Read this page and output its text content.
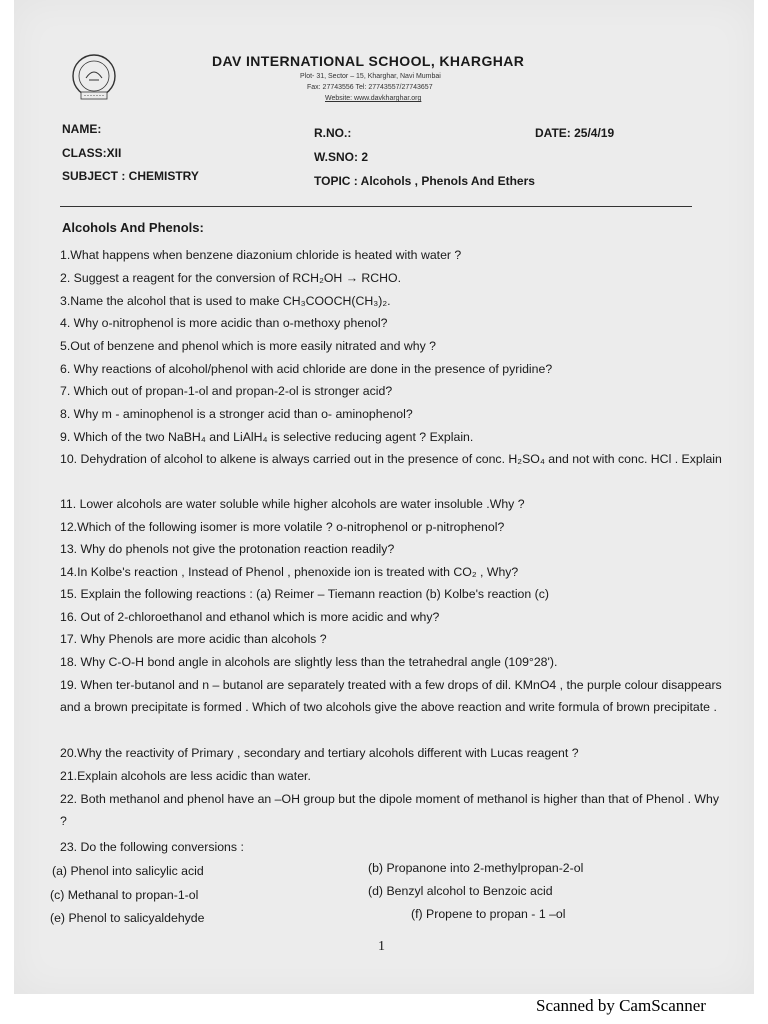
DAV INTERNATIONAL SCHOOL, KHARGHAR
Plot- 31, Sector – 15, Kharghar, Navi Mumbai
Fax: 27743556 Tel: 27743557/27743657
Website: www.davkharghar.org
NAME:	R.NO.:	DATE: 25/4/19
CLASS:XII	W.SNO: 2
SUBJECT : CHEMISTRY	TOPIC : Alcohols , Phenols And Ethers
Alcohols And Phenols:
1.What happens when benzene diazonium chloride is heated with water ?
2. Suggest a reagent for the conversion of RCH₂OH → RCHO.
3.Name the alcohol that is used to make CH₃COOCH(CH₃)₂.
4. Why o-nitrophenol is more acidic than o-methoxy phenol?
5.Out of benzene and phenol which is more easily nitrated and why ?
6. Why reactions of alcohol/phenol with acid chloride are done in the presence of pyridine?
7. Which out of propan-1-ol and propan-2-ol is stronger acid?
8. Why m - aminophenol is a stronger acid than o- aminophenol?
9. Which of the two NaBH₄ and LiAlH₄ is selective reducing agent ? Explain.
10. Dehydration of alcohol to alkene is always carried out in the presence of conc. H₂SO₄ and not with conc. HCl . Explain
11. Lower alcohols are water soluble while higher alcohols are water insoluble .Why ?
12.Which of the following isomer is more volatile ? o-nitrophenol or p-nitrophenol?
13. Why do phenols not give the protonation reaction readily?
14.In Kolbe's reaction , Instead of Phenol , phenoxide ion is treated with CO₂ , Why?
15. Explain the following reactions : (a) Reimer – Tiemann reaction (b) Kolbe's reaction (c)
16. Out of 2-chloroethanol and ethanol which is more acidic and why?
17. Why Phenols are more acidic than alcohols ?
18. Why C-O-H bond angle in alcohols are slightly less than the tetrahedral angle (109°28').
19. When ter-butanol and n – butanol are separately treated with a few drops of dil. KMnO4 , the purple colour disappears and a brown precipitate is formed . Which of two alcohols give the above reaction and write formula of brown precipitate .
20.Why the reactivity of Primary , secondary and tertiary alcohols different with Lucas reagent ?
21.Explain alcohols are less acidic than water.
22. Both methanol and phenol have an –OH group but the dipole moment of methanol is higher than that of Phenol . Why ?
23. Do the following conversions :
(a) Phenol into salicylic acid	(b) Propanone into 2-methylpropan-2-ol
(c) Methanal to propan-1-ol	(d) Benzyl alcohol to Benzoic acid
(e) Phenol to salicyaldehyde	(f) Propene to propan - 1 –ol
1
Scanned by CamScanner
